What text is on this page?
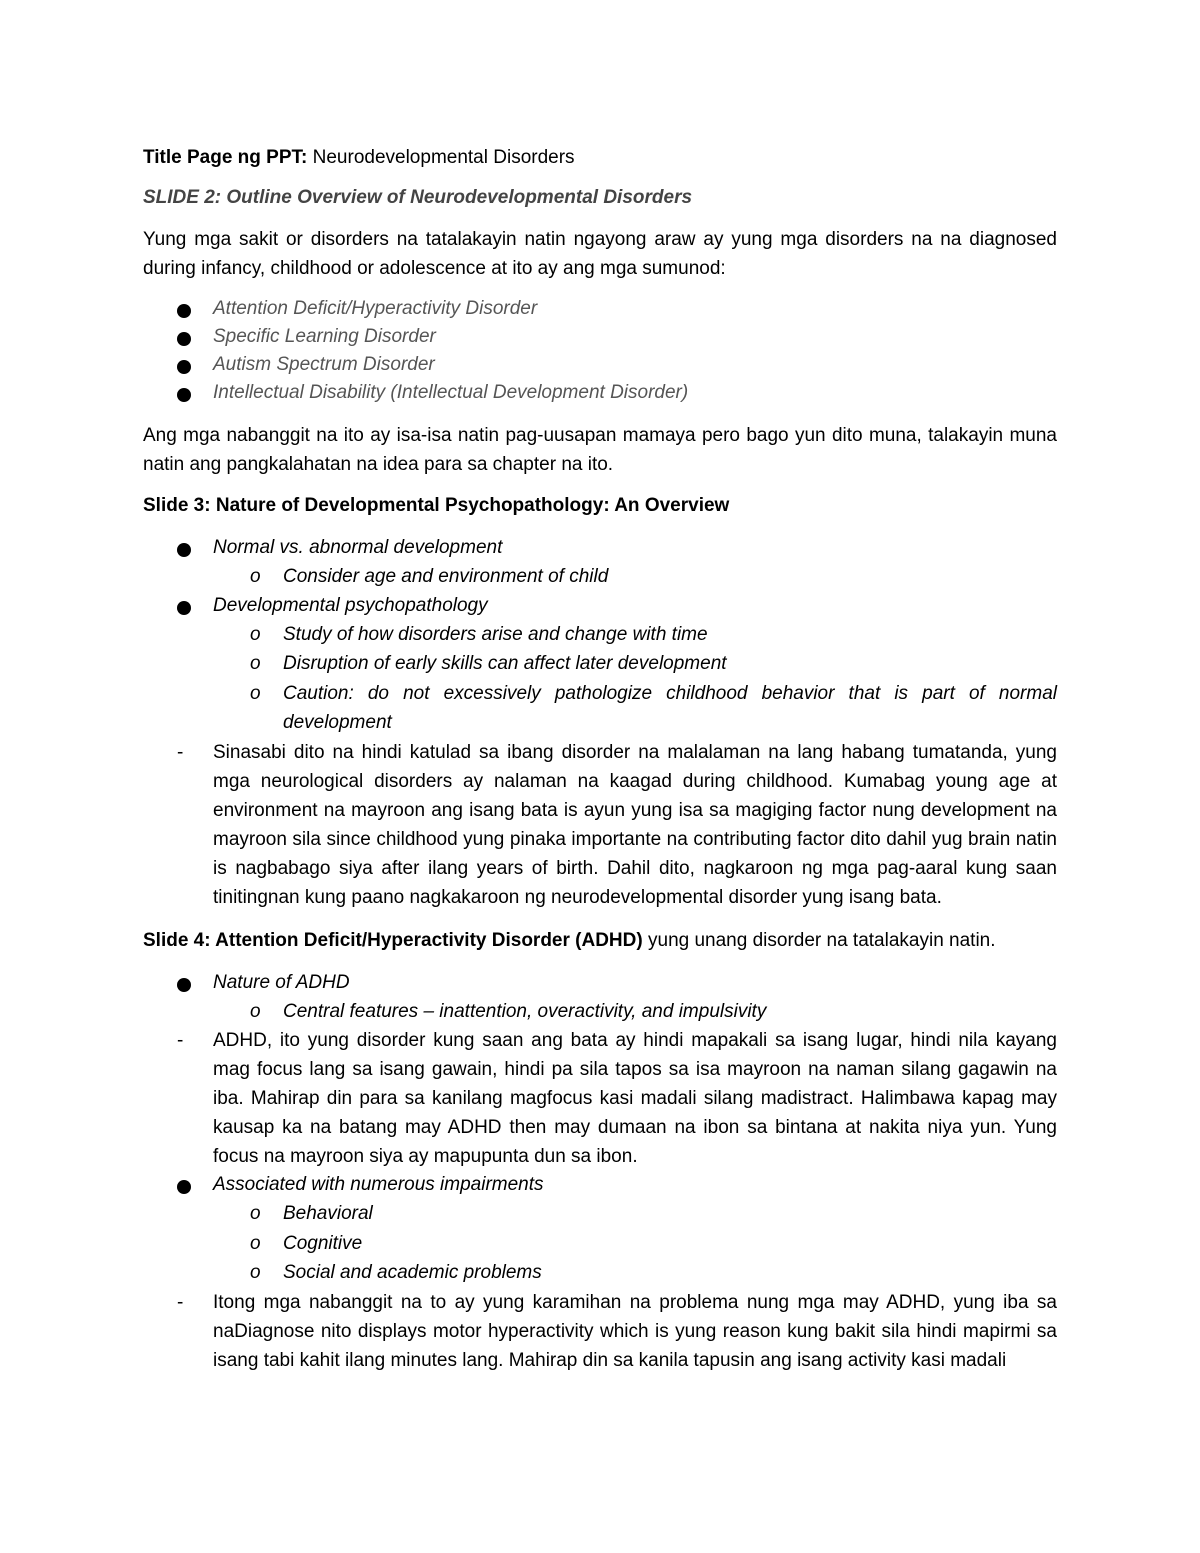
Title Page ng PPT: Neurodevelopmental Disorders

SLIDE 2: Outline Overview of Neurodevelopmental Disorders

Yung mga sakit or disorders na tatalakayin natin ngayong araw ay yung mga disorders na na diagnosed during infancy, childhood or adolescence at ito ay ang mga sumunod:

Attention Deficit/Hyperactivity Disorder
Specific Learning Disorder
Autism Spectrum Disorder
Intellectual Disability (Intellectual Development Disorder)

Ang mga nabanggit na ito ay isa-isa natin pag-uusapan mamaya pero bago yun dito muna, talakayin muna natin ang pangkalahatan na idea para sa chapter na ito.

Slide 3: Nature of Developmental Psychopathology: An Overview

Normal vs. abnormal development
o Consider age and environment of child
Developmental psychopathology
o Study of how disorders arise and change with time
o Disruption of early skills can affect later development
o Caution: do not excessively pathologize childhood behavior that is part of normal development
- Sinasabi dito na hindi katulad sa ibang disorder na malalaman na lang habang tumatanda, yung mga neurological disorders ay nalaman na kaagad during childhood. Kumabag young age at environment na mayroon ang isang bata is ayun yung isa sa magiging factor nung development na mayroon sila since childhood yung pinaka importante na contributing factor dito dahil yug brain natin is nagbabago siya after ilang years of birth. Dahil dito, nagkaroon ng mga pag-aaral kung saan tinitingnan kung paano nagkakaroon ng neurodevelopmental disorder yung isang bata.

Slide 4: Attention Deficit/Hyperactivity Disorder (ADHD) yung unang disorder na tatalakayin natin.

Nature of ADHD
o Central features – inattention, overactivity, and impulsivity
- ADHD, ito yung disorder kung saan ang bata ay hindi mapakali sa isang lugar, hindi nila kayang mag focus lang sa isang gawain, hindi pa sila tapos sa isa mayroon na naman silang gagawin na iba. Mahirap din para sa kanilang magfocus kasi madali silang madistract. Halimbawa kapag may kausap ka na batang may ADHD then may dumaan na ibon sa bintana at nakita niya yun. Yung focus na mayroon siya ay mapupunta dun sa ibon.
Associated with numerous impairments
o Behavioral
o Cognitive
o Social and academic problems
- Itong mga nabanggit na to ay yung karamihan na problema nung mga may ADHD, yung iba sa naDiagnose nito displays motor hyperactivity which is yung reason kung bakit sila hindi mapirmi sa isang tabi kahit ilang minutes lang. Mahirap din sa kanila tapusin ang isang activity kasi madali
